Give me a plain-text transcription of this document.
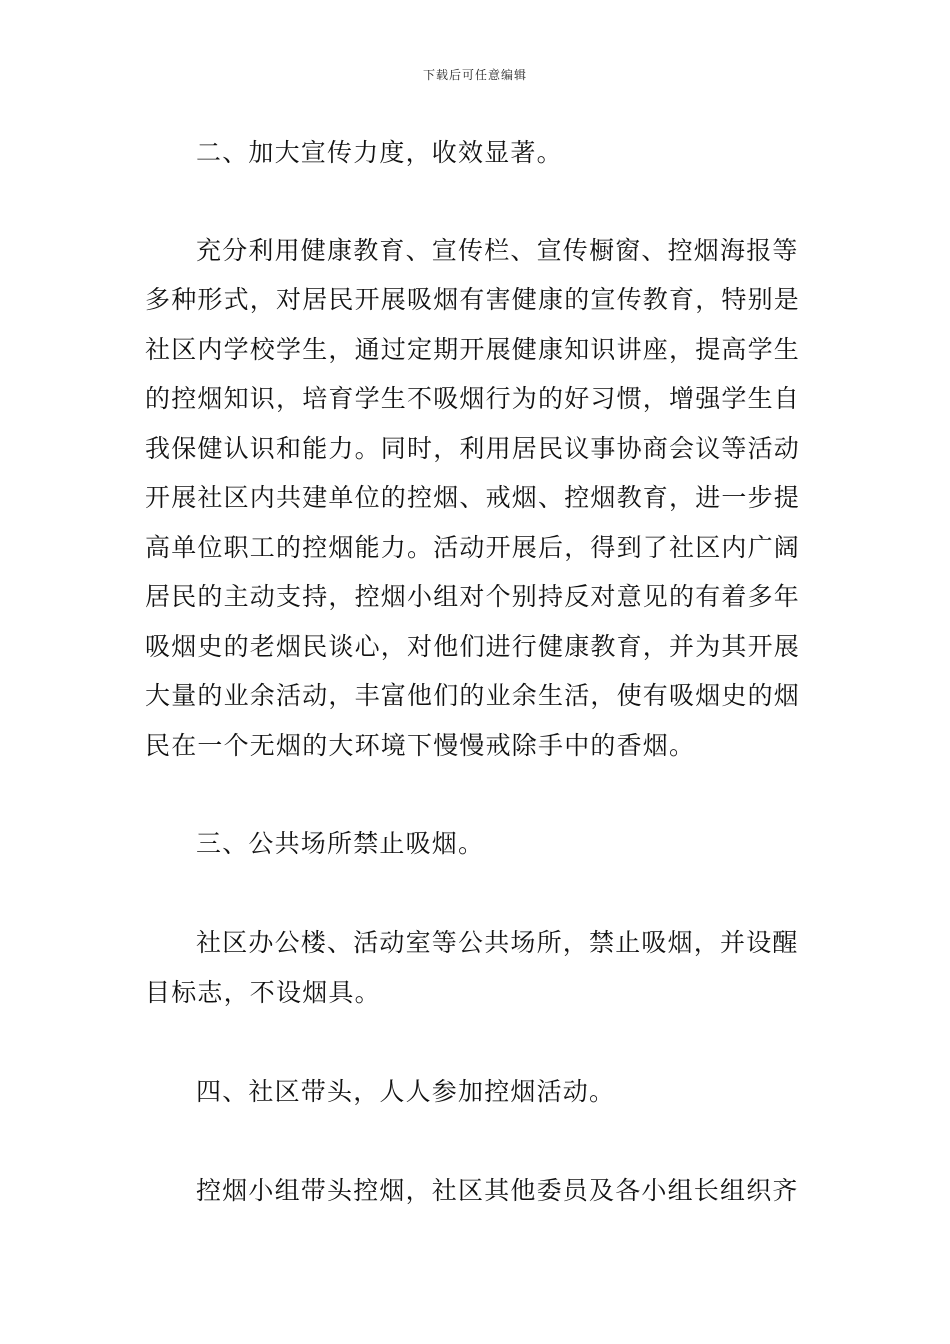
下载后可任意编辑
二、加大宣传力度，收效显著。
充分利用健康教育、宣传栏、宣传橱窗、控烟海报等
多种形式，对居民开展吸烟有害健康的宣传教育，特别是
社区内学校学生，通过定期开展健康知识讲座，提高学生
的控烟知识，培育学生不吸烟行为的好习惯，增强学生自
我保健认识和能力。同时，利用居民议事协商会议等活动
开展社区内共建单位的控烟、戒烟、控烟教育，进一步提
高单位职工的控烟能力。活动开展后，得到了社区内广阔
居民的主动支持，控烟小组对个别持反对意见的有着多年
吸烟史的老烟民谈心，对他们进行健康教育，并为其开展
大量的业余活动，丰富他们的业余生活，使有吸烟史的烟
民在一个无烟的大环境下慢慢戒除手中的香烟。
三、公共场所禁止吸烟。
社区办公楼、活动室等公共场所，禁止吸烟，并设醒
目标志，不设烟具。
四、社区带头，人人参加控烟活动。
控烟小组带头控烟，社区其他委员及各小组长组织齐
